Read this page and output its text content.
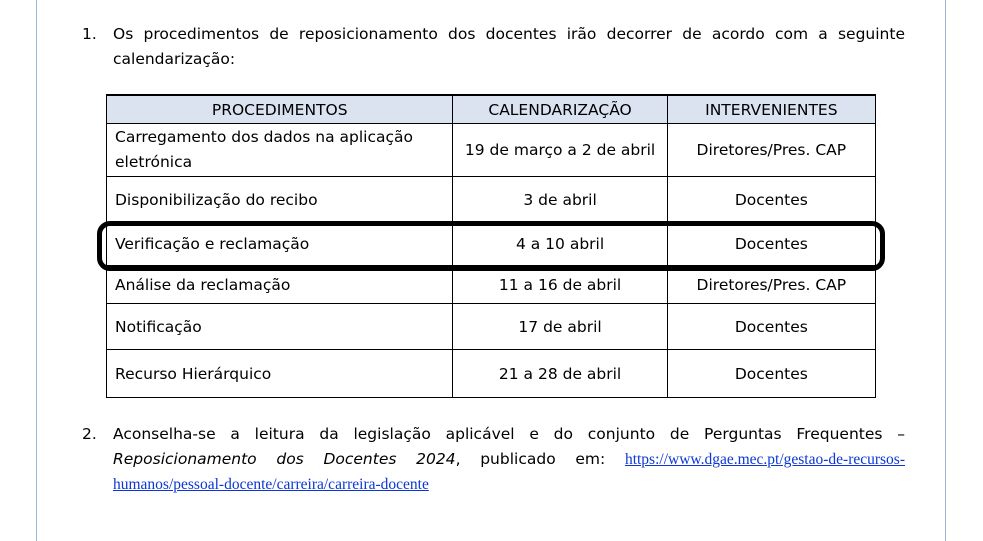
1. Os procedimentos de reposicionamento dos docentes irão decorrer de acordo com a seguinte calendarização:
PROCEDIMENTOS	CALENDARIZAÇÃO	INTERVENIENTES
Carregamento dos dados na aplicação eletrónica	19 de março a 2 de abril	Diretores/Pres. CAP
Disponibilização do recibo	3 de abril	Docentes
Verificação e reclamação	4 a 10 abril	Docentes
Análise da reclamação	11 a 16 de abril	Diretores/Pres. CAP
Notificação	17 de abril	Docentes
Recurso Hierárquico	21 a 28 de abril	Docentes
2. Aconselha-se a leitura da legislação aplicável e do conjunto de Perguntas Frequentes – Reposicionamento dos Docentes 2024, publicado em: https://www.dgae.mec.pt/gestao-de-recursos-humanos/pessoal-docente/carreira/carreira-docente
